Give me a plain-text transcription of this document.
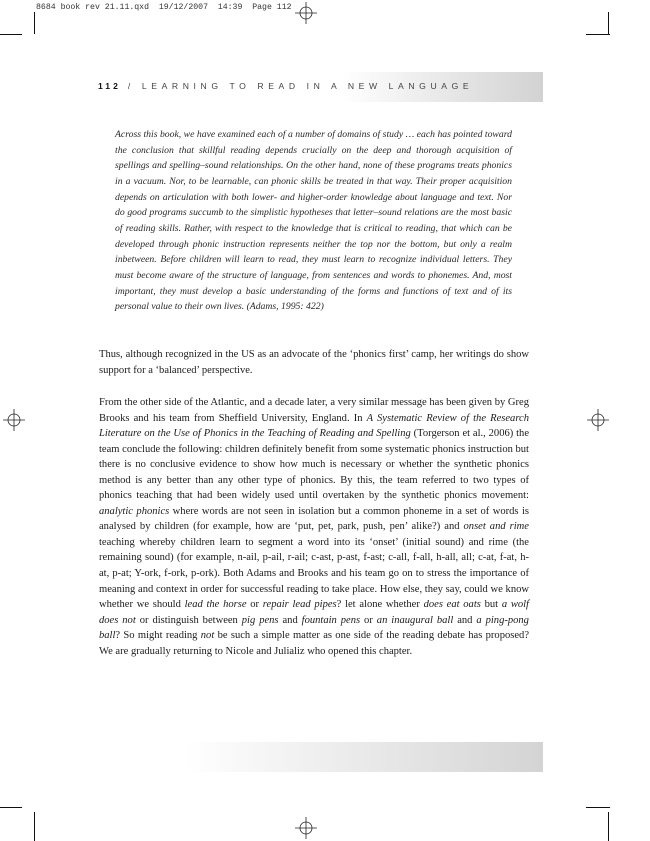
8684 book rev 21.11.qxd 19/12/2007 14:39 Page 112
112 / LEARNING TO READ IN A NEW LANGUAGE
Across this book, we have examined each of a number of domains of study … each has pointed toward the conclusion that skillful reading depends crucially on the deep and thorough acquisition of spellings and spelling–sound relationships. On the other hand, none of these programs treats phonics in a vacuum. Nor, to be learnable, can phonic skills be treated in that way. Their proper acquisition depends on articulation with both lower- and higher-order knowledge about language and text. Nor do good programs succumb to the simplistic hypotheses that letter–sound relations are the most basic of reading skills. Rather, with respect to the knowledge that is critical to reading, that which can be developed through phonic instruction represents neither the top nor the bottom, but only a realm inbetween. Before children will learn to read, they must learn to recognize individual letters. They must become aware of the structure of language, from sentences and words to phonemes. And, most important, they must develop a basic understanding of the forms and functions of text and of its personal value to their own lives. (Adams, 1995: 422)

Thus, although recognized in the US as an advocate of the ‘phonics first’ camp, her writings do show support for a ‘balanced’ perspective.

From the other side of the Atlantic, and a decade later, a very similar message has been given by Greg Brooks and his team from Sheffield University, England. In A Systematic Review of the Research Literature on the Use of Phonics in the Teaching of Reading and Spelling (Torgerson et al., 2006) the team conclude the following: children definitely benefit from some systematic phonics instruction but there is no conclusive evidence to show how much is necessary or whether the synthetic phonics method is any better than any other type of phonics. By this, the team referred to two types of phonics teaching that had been widely used until overtaken by the synthetic phonics movement: analytic phonics where words are not seen in isolation but a common phoneme in a set of words is analysed by children (for example, how are ‘put, pet, park, push, pen’ alike?) and onset and rime teaching whereby children learn to segment a word into its ‘onset’ (initial sound) and rime (the remaining sound) (for example, n-ail, p-ail, r-ail; c-ast, p-ast, f-ast; c-all, f-all, h-all, all; c-at, f-at, h-at, p-at; Y-ork, f-ork, p-ork). Both Adams and Brooks and his team go on to stress the importance of meaning and context in order for successful reading to take place. How else, they say, could we know whether we should lead the horse or repair lead pipes? let alone whether does eat oats but a wolf does not or distinguish between pig pens and fountain pens or an inaugural ball and a ping-pong ball? So might reading not be such a simple matter as one side of the reading debate has proposed? We are gradually returning to Nicole and Julializ who opened this chapter.
